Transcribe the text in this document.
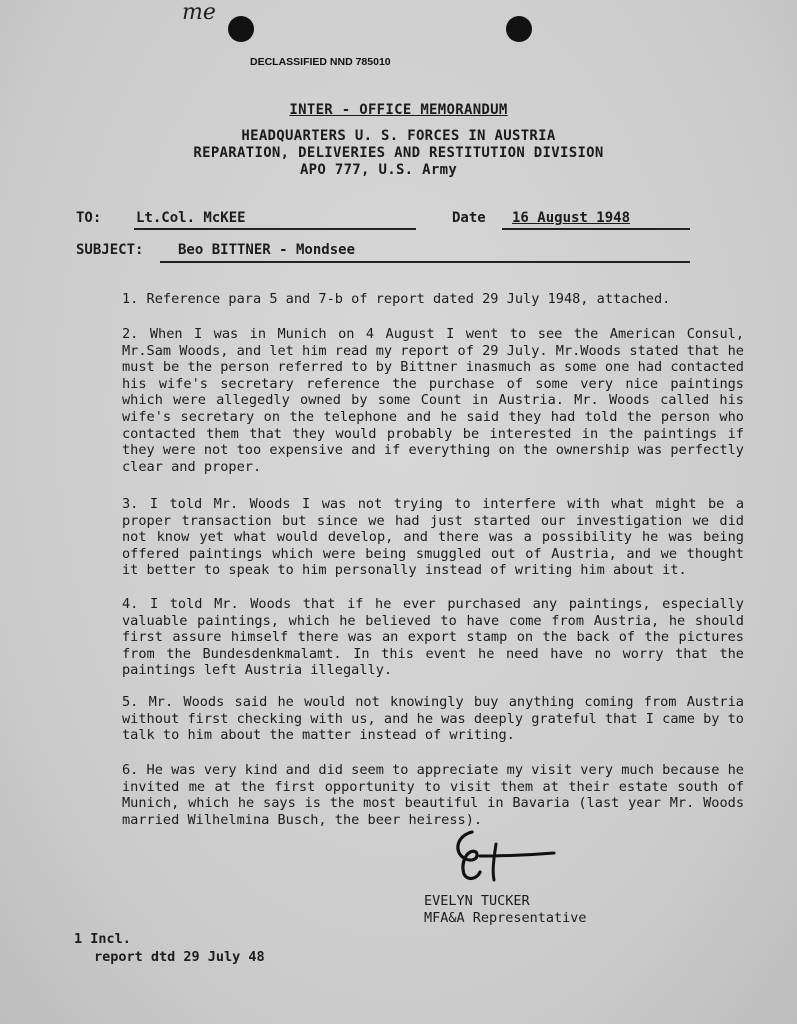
me
DECLASSIFIED NND 785010
INTER - OFFICE MEMORANDUM
HEADQUARTERS U. S. FORCES IN AUSTRIA
REPARATION, DELIVERIES AND RESTITUTION DIVISION
APO 777, U.S. Army
TO: Lt.Col. McKEE	Date 16 August 1948
SUBJECT: Beo BITTNER - Mondsee
1. Reference para 5 and 7-b of report dated 29 July 1948, attached.
2. When I was in Munich on 4 August I went to see the American Consul, Mr.Sam Woods, and let him read my report of 29 July. Mr.Woods stated that he must be the person referred to by Bittner inasmuch as some one had contacted his wife's secretary reference the purchase of some very nice paintings which were allegedly owned by some Count in Austria. Mr. Woods called his wife's secretary on the telephone and he said they had told the person who contacted them that they would probably be interested in the paintings if they were not too expensive and if everything on the ownership was perfectly clear and proper.
3. I told Mr. Woods I was not trying to interfere with what might be a proper transaction but since we had just started our investigation we did not know yet what would develop, and there was a possibility he was being offered paintings which were being smuggled out of Austria, and we thought it better to speak to him personally instead of writing him about it.
4. I told Mr. Woods that if he ever purchased any paintings, especially valuable paintings, which he believed to have come from Austria, he should first assure himself there was an export stamp on the back of the pictures from the Bundesdenkmalamt. In this event he need have no worry that the paintings left Austria illegally.
5. Mr. Woods said he would not knowingly buy anything coming from Austria without first checking with us, and he was deeply grateful that I came by to talk to him about the matter instead of writing.
6. He was very kind and did seem to appreciate my visit very much because he invited me at the first opportunity to visit them at their estate south of Munich, which he says is the most beautiful in Bavaria (last year Mr. Woods married Wilhelmina Busch, the beer heiress).
EVELYN TUCKER
MFA&A Representative
1 Incl.
report dtd 29 July 48
